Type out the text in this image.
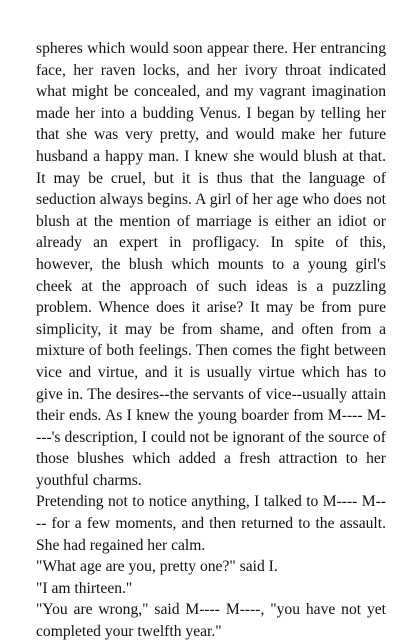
spheres which would soon appear there. Her entrancing face, her raven locks, and her ivory throat indicated what might be concealed, and my vagrant imagination made her into a budding Venus. I began by telling her that she was very pretty, and would make her future husband a happy man. I knew she would blush at that. It may be cruel, but it is thus that the language of seduction always begins. A girl of her age who does not blush at the mention of marriage is either an idiot or already an expert in profligacy. In spite of this, however, the blush which mounts to a young girl's cheek at the approach of such ideas is a puzzling problem. Whence does it arise? It may be from pure simplicity, it may be from shame, and often from a mixture of both feelings. Then comes the fight between vice and virtue, and it is usually virtue which has to give in. The desires--the servants of vice--usually attain their ends. As I knew the young boarder from M---- M----'s description, I could not be ignorant of the source of those blushes which added a fresh attraction to her youthful charms.

Pretending not to notice anything, I talked to M---- M---- for a few moments, and then returned to the assault. She had regained her calm.

"What age are you, pretty one?" said I.

"I am thirteen."

"You are wrong," said M---- M----, "you have not yet completed your twelfth year."
